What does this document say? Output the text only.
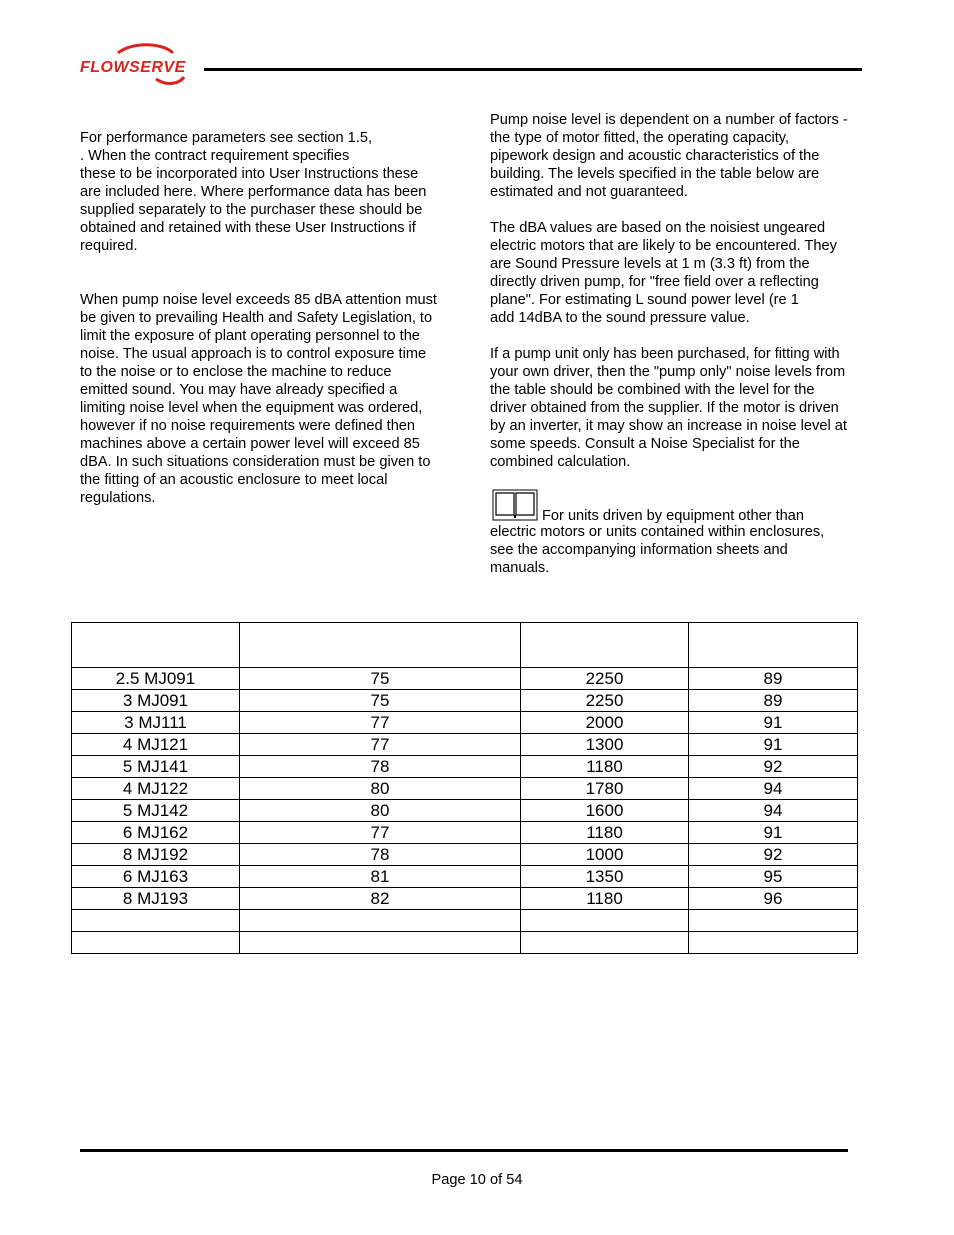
FLOWSERVE

For performance parameters see section 1.5,
. When the contract requirement specifies
these to be incorporated into User Instructions these
are included here. Where performance data has been
supplied separately to the purchaser these should be
obtained and retained with these User Instructions if
required.

When pump noise level exceeds 85 dBA attention must
be given to prevailing Health and Safety Legislation, to
limit the exposure of plant operating personnel to the
noise. The usual approach is to control exposure time
to the noise or to enclose the machine to reduce
emitted sound. You may have already specified a
limiting noise level when the equipment was ordered,
however if no noise requirements were defined then
machines above a certain power level will exceed 85
dBA. In such situations consideration must be given to
the fitting of an acoustic enclosure to meet local
regulations.

Pump noise level is dependent on a number of factors -
the type of motor fitted, the operating capacity,
pipework design and acoustic characteristics of the
building. The levels specified in the table below are
estimated and not guaranteed.

The dBA values are based on the noisiest ungeared
electric motors that are likely to be encountered. They
are Sound Pressure levels at 1 m (3.3 ft) from the
directly driven pump, for "free field over a reflecting
plane". For estimating L sound power level (re 1
add 14dBA to the sound pressure value.

If a pump unit only has been purchased, for fitting with
your own driver, then the "pump only" noise levels from
the table should be combined with the level for the
driver obtained from the supplier. If the motor is driven
by an inverter, it may show an increase in noise level at
some speeds. Consult a Noise Specialist for the
combined calculation.

For units driven by equipment other than

electric motors or units contained within enclosures,
see the accompanying information sheets and
manuals.

2.5 MJ091	75	2250	89
3 MJ091	75	2250	89
3 MJ111	77	2000	91
4 MJ121	77	1300	91
5 MJ141	78	1180	92
4 MJ122	80	1780	94
5 MJ142	80	1600	94
6 MJ162	77	1180	91
8 MJ192	78	1000	92
6 MJ163	81	1350	95
8 MJ193	82	1180	96

Page 10 of 54
